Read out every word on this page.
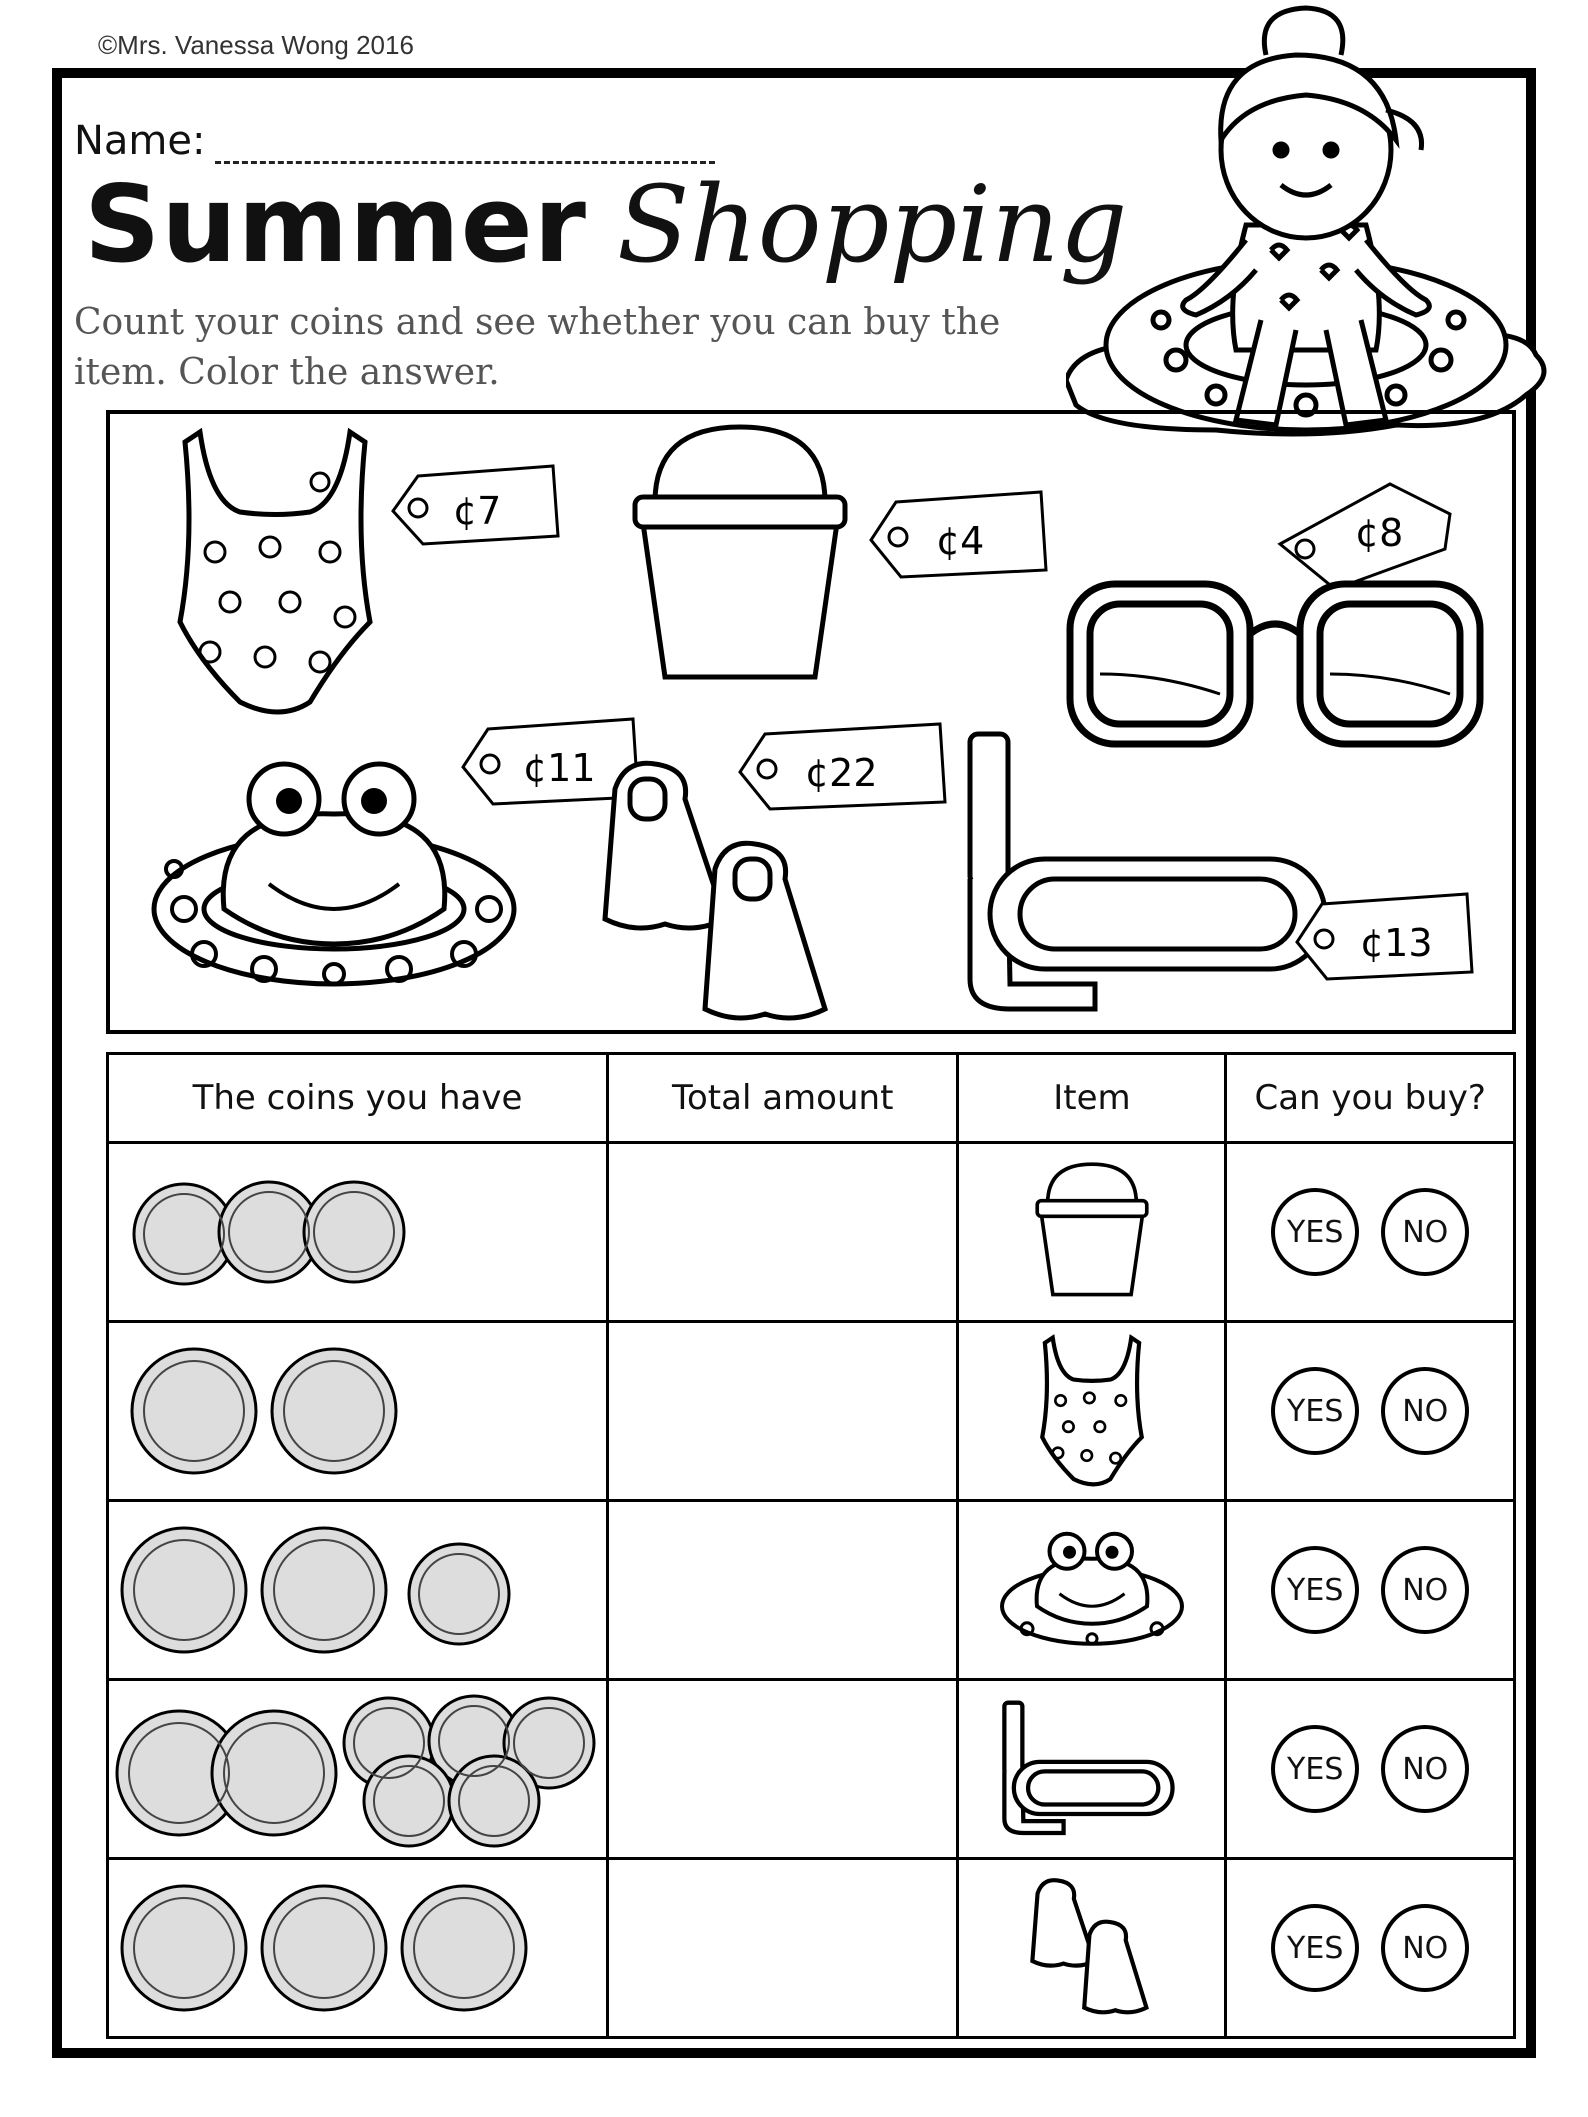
©Mrs. Vanessa Wong 2016
Name:
Summer Shopping
Count your coins and see whether you can buy the item. Color the answer.
¢7
¢4	¢8
¢11	¢22
¢13
The coins you have	Total amount	Item	Can you buy?

YES NO

YES NO

YES NO

YES NO

YES NO
